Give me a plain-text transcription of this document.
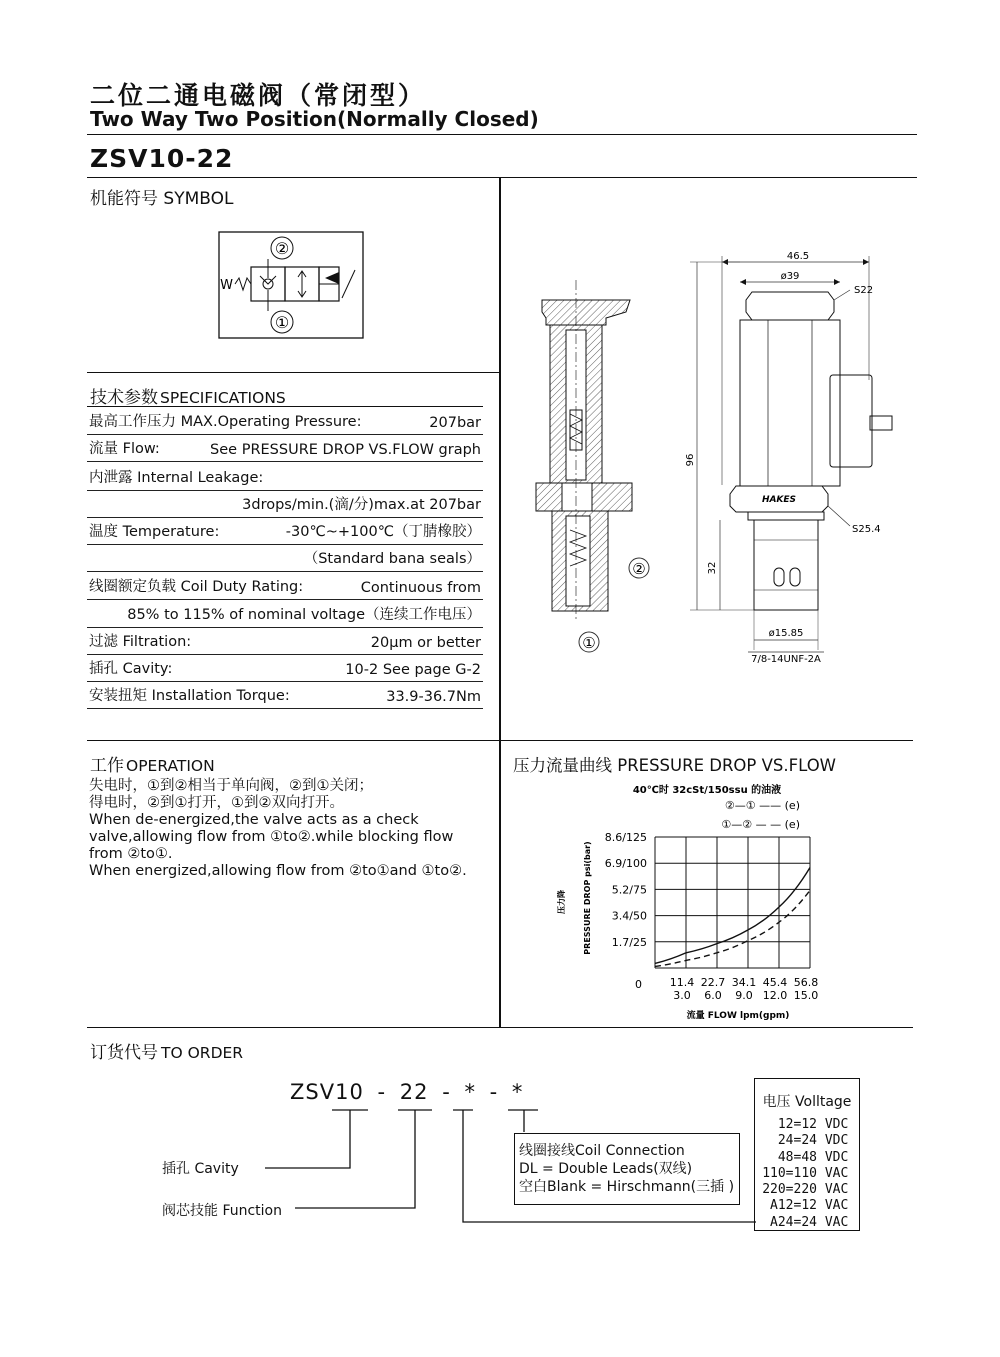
二位二通电磁阀（常闭型）
Two Way Two Position(Normally Closed)
ZSV10-22
机能符号 SYMBOL
②
①
W
技术参数 SPECIFICATIONS
最高工作压力 MAX.Operating Pressure:	207bar
流量 Flow:	See PRESSURE DROP VS.FLOW graph
内泄露 Internal Leakage:
3drops/min.(滴/分)max.at 207bar
温度 Temperature:	-30℃~+100℃（丁腈橡胶）
（Standard bana seals）
线圈额定负载 Coil Duty Rating:	Continuous from
85% to 115% of nominal voltage（连续工作电压）
过滤 Filtration:	20μm or better
插孔 Cavity:	10-2 See page G-2
安装扭矩 Installation Torque:	33.9-36.7Nm
②
①
46.5
ø39
S22
HAKES
S25.4
96
32
ø15.85
7/8-14UNF-2A
工作 OPERATION
失电时，①到②相当于单向阀，②到①关闭；
得电时，②到①打开，①到②双向打开。
When de-energized,the valve acts as a check
valve,allowing flow from ①to②.while blocking flow
from ②to①.
When energized,allowing flow from ②to①and ①to②.
压力流量曲线 PRESSURE DROP VS.FLOW
40℃时 32cSt/150ssu 的油液
②—① —— (e)
①—② — — (e)
0
1.7/25
3.4/50
5.2/75
6.9/100
8.6/125
11.4
3.0
22.7
6.0
34.1
9.0
45.4
12.0
56.8
15.0
压力降 PRESSURE DROP psi(bar)
流量 FLOW lpm(gpm)
订货代号 TO ORDER
ZSV10 - 22 - * - *
插孔 Cavity
阀芯技能 Function
线圈接线Coil Connection
DL = Double Leads(双线)
空白Blank = Hirschmann(三插 )
电压 Volltage
12=12 VDC
24=24 VDC
48=48 VDC
110=110 VAC
220=220 VAC
A12=12 VAC
A24=24 VAC
